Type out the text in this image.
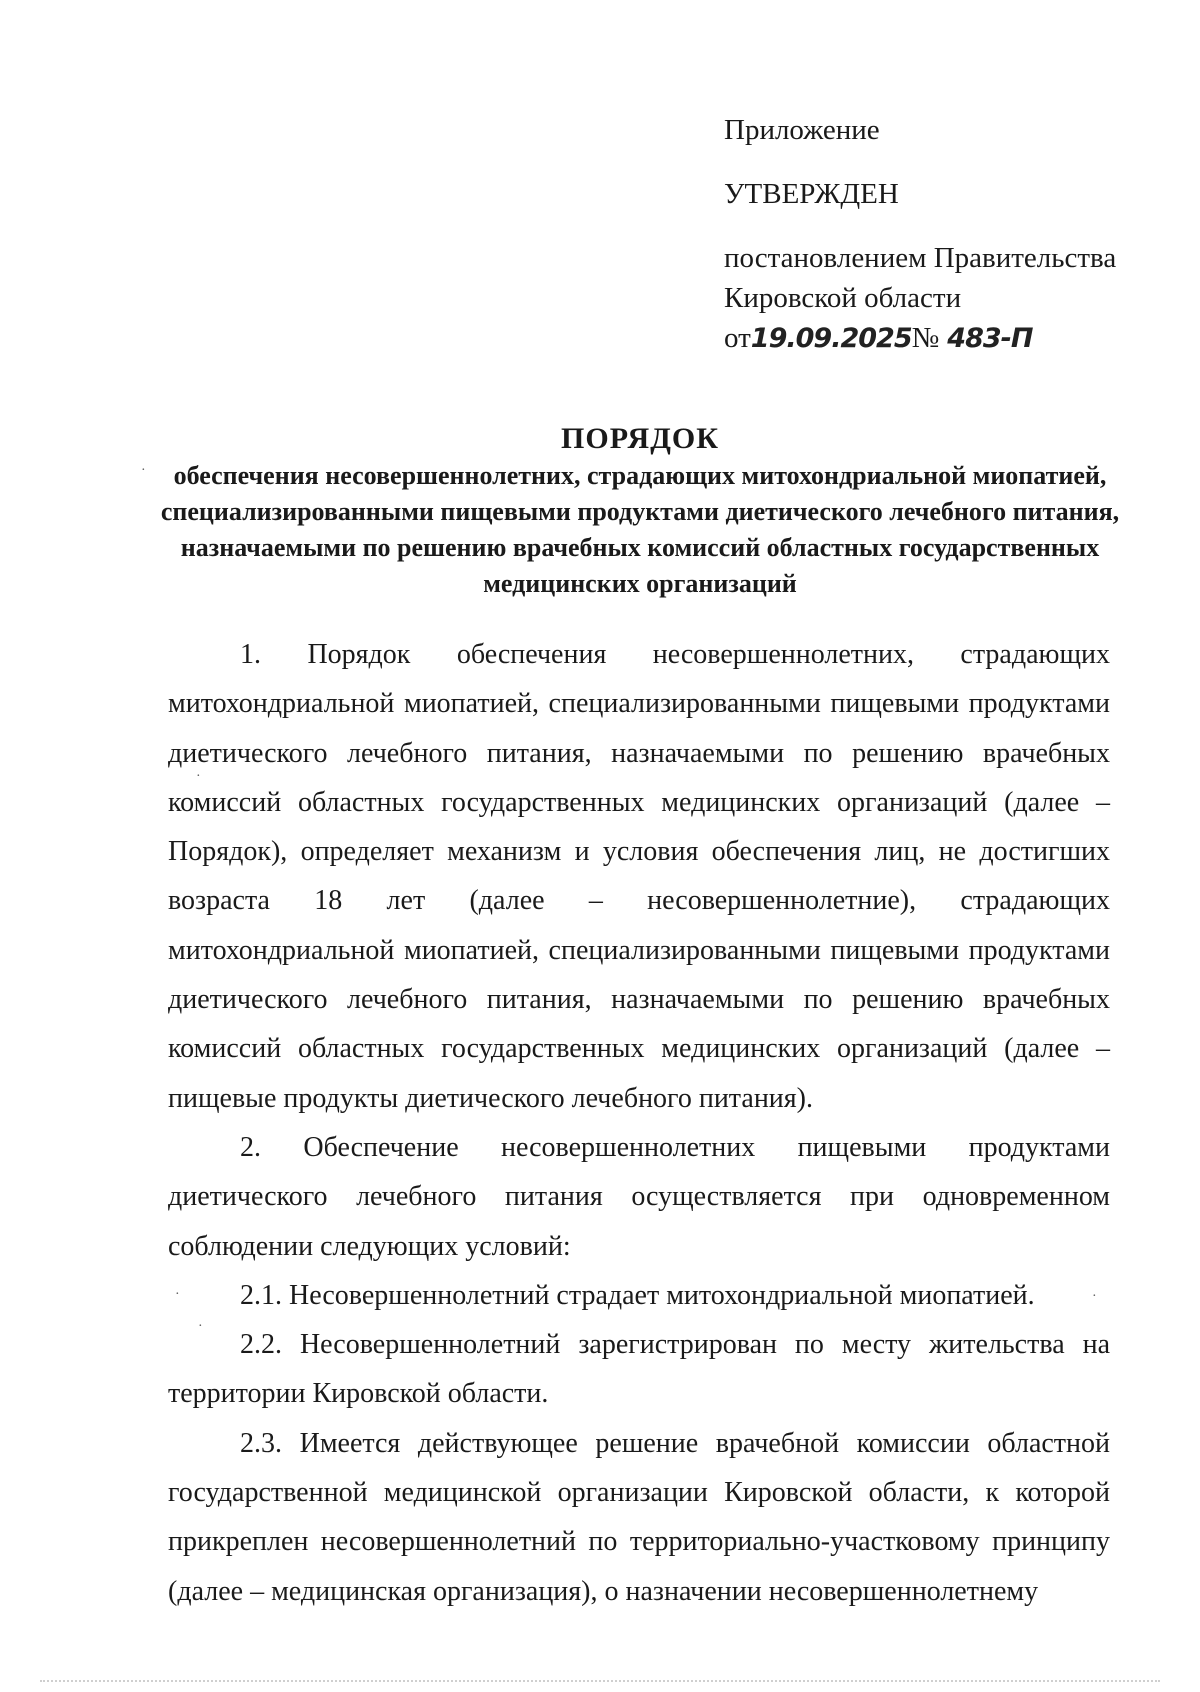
Приложение
УТВЕРЖДЕН
постановлением Правительства
Кировской области
от19.09.2025№ 483-П
ПОРЯДОК
обеспечения несовершеннолетних, страдающих митохондриальной миопатией, специализированными пищевыми продуктами диетического лечебного питания, назначаемыми по решению врачебных комиссий областных государственных медицинских организаций

1. Порядок обеспечения несовершеннолетних, страдающих митохондриальной миопатией, специализированными пищевыми продуктами диетического лечебного питания, назначаемыми по решению врачебных комиссий областных государственных медицинских организаций (далее – Порядок), определяет механизм и условия обеспечения лиц, не достигших возраста 18 лет (далее – несовершеннолетние), страдающих митохондриальной миопатией, специализированными пищевыми продуктами диетического лечебного питания, назначаемыми по решению врачебных комиссий областных государственных медицинских организаций (далее – пищевые продукты диетического лечебного питания).

2. Обеспечение несовершеннолетних пищевыми продуктами диетического лечебного питания осуществляется при одновременном соблюдении следующих условий:

2.1. Несовершеннолетний страдает митохондриальной миопатией.

2.2. Несовершеннолетний зарегистрирован по месту жительства на территории Кировской области.

2.3. Имеется действующее решение врачебной комиссии областной государственной медицинской организации Кировской области, к которой прикреплен несовершеннолетний по территориально-участковому принципу (далее – медицинская организация), о назначении несовершеннолетнему

·
·
·
·
·
